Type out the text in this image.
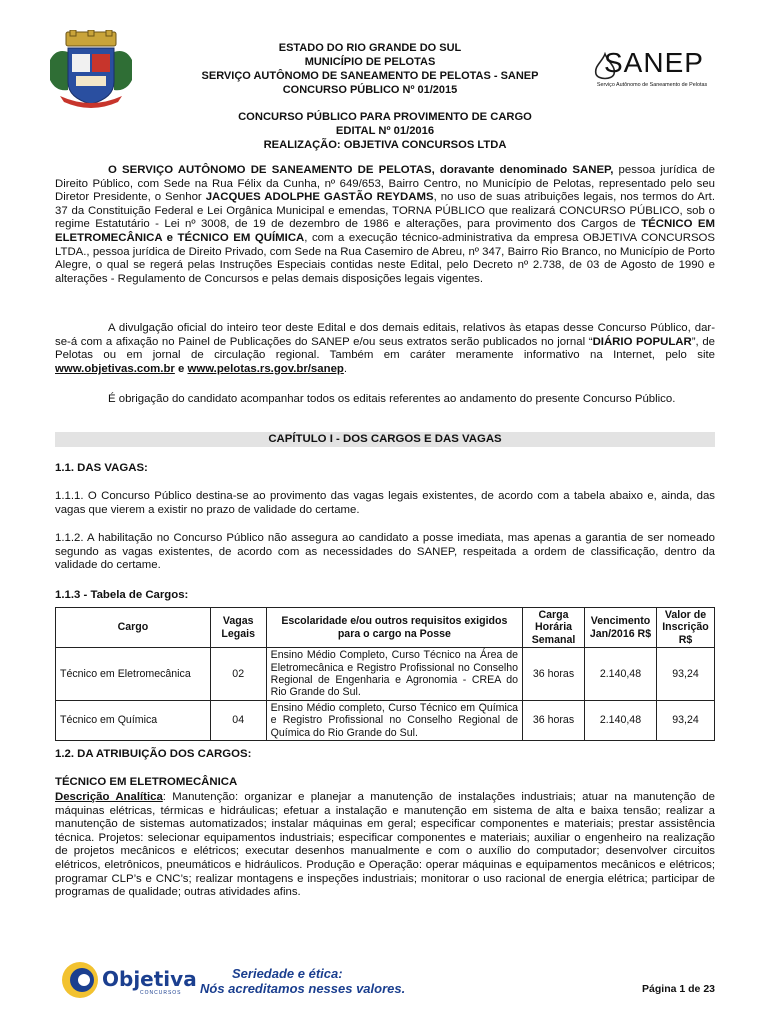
ESTADO DO RIO GRANDE DO SUL
MUNICÍPIO DE PELOTAS
SERVIÇO AUTÔNOMO DE SANEAMENTO DE PELOTAS - SANEP
CONCURSO PÚBLICO Nº 01/2015
SANEP
Serviço Autônomo de Saneamento de Pelotas
CONCURSO PÚBLICO PARA PROVIMENTO DE CARGO
EDITAL Nº 01/2016
REALIZAÇÃO: OBJETIVA CONCURSOS LTDA
O SERVIÇO AUTÔNOMO DE SANEAMENTO DE PELOTAS, doravante denominado SANEP, pessoa jurídica de Direito Público, com Sede na Rua Félix da Cunha, nº 649/653, Bairro Centro, no Município de Pelotas, representado pelo seu Diretor Presidente, o Senhor JACQUES ADOLPHE GASTÃO REYDAMS, no uso de suas atribuições legais, nos termos do Art. 37 da Constituição Federal e Lei Orgânica Municipal e emendas, TORNA PÚBLICO que realizará CONCURSO PÚBLICO, sob o regime Estatutário - Lei nº 3008, de 19 de dezembro de 1986 e alterações, para provimento dos Cargos de TÉCNICO EM ELETROMECÂNICA e TÉCNICO EM QUÍMICA, com a execução técnico-administrativa da empresa OBJETIVA CONCURSOS LTDA., pessoa jurídica de Direito Privado, com Sede na Rua Casemiro de Abreu, nº 347, Bairro Rio Branco, no Município de Porto Alegre, o qual se regerá pelas Instruções Especiais contidas neste Edital, pelo Decreto nº 2.738, de 03 de Agosto de 1990 e alterações - Regulamento de Concursos e pelas demais disposições legais vigentes.
A divulgação oficial do inteiro teor deste Edital e dos demais editais, relativos às etapas desse Concurso Público, dar-se-á com a afixação no Painel de Publicações do SANEP e/ou seus extratos serão publicados no jornal “DIÁRIO POPULAR”, de Pelotas ou em jornal de circulação regional. Também em caráter meramente informativo na Internet, pelo site www.objetivas.com.br e www.pelotas.rs.gov.br/sanep.
É obrigação do candidato acompanhar todos os editais referentes ao andamento do presente Concurso Público.
CAPÍTULO I - DOS CARGOS E DAS VAGAS
1.1. DAS VAGAS:
1.1.1. O Concurso Público destina-se ao provimento das vagas legais existentes, de acordo com a tabela abaixo e, ainda, das vagas que vierem a existir no prazo de validade do certame.
1.1.2. A habilitação no Concurso Público não assegura ao candidato a posse imediata, mas apenas a garantia de ser nomeado segundo as vagas existentes, de acordo com as necessidades do SANEP, respeitada a ordem de classificação, dentro da validade do certame.
1.1.3 - Tabela de Cargos:
Cargo	Vagas Legais	Escolaridade e/ou outros requisitos exigidos para o cargo na Posse	Carga Horária Semanal	Vencimento Jan/2016 R$	Valor de Inscrição R$
Técnico em Eletromecânica	02	Ensino Médio Completo, Curso Técnico na Área de Eletromecânica e Registro Profissional no Conselho Regional de Engenharia e Agronomia - CREA do Rio Grande do Sul.	36 horas	2.140,48	93,24
Técnico em Química	04	Ensino Médio completo, Curso Técnico em Química e Registro Profissional no Conselho Regional de Química do Rio Grande do Sul.	36 horas	2.140,48	93,24
1.2. DA ATRIBUIÇÃO DOS CARGOS:
TÉCNICO EM ELETROMECÂNICA
Descrição Analítica: Manutenção: organizar e planejar a manutenção de instalações industriais; atuar na manutenção de máquinas elétricas, térmicas e hidráulicas; efetuar a instalação e manutenção em sistema de alta e baixa tensão; realizar a manutenção de sistemas automatizados; instalar máquinas em geral; especificar componentes e materiais; prestar assistência técnica. Projetos: selecionar equipamentos industriais; especificar componentes e materiais; auxiliar o engenheiro na realização de projetos mecânicos e elétricos; executar desenhos manualmente e com o auxílio do computador; desenvolver circuitos elétricos, eletrônicos, pneumáticos e hidráulicos. Produção e Operação: operar máquinas e equipamentos mecânicos e elétricos; programar CLP’s e CNC’s; realizar montagens e inspeções industriais; monitorar o uso racional de energia elétrica; participar de programas de qualidade; outras atividades afins.
Objetiva
CONCURSOS
Seriedade e ética:
Nós acreditamos nesses valores.	Página 1 de 23
